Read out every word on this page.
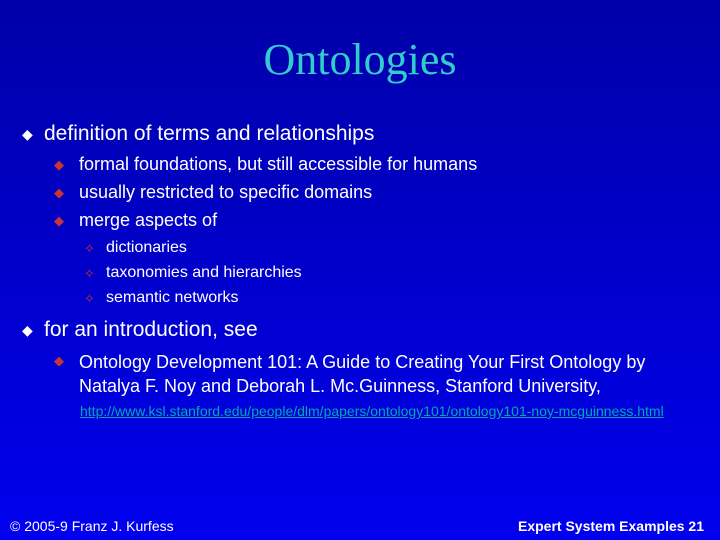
Ontologies
◆ definition of terms and relationships
◆ formal foundations, but still accessible for humans
◆ usually restricted to specific domains
◆ merge aspects of
✧ dictionaries
✧ taxonomies and hierarchies
✧ semantic networks
◆ for an introduction, see
◆ Ontology Development 101: A Guide to Creating Your First Ontology by Natalya F. Noy and Deborah L. Mc.Guinness, Stanford University,
http://www.ksl.stanford.edu/people/dlm/papers/ontology101/ontology101-noy-mcguinness.html
© 2005-9 Franz J. Kurfess	Expert System Examples 21
